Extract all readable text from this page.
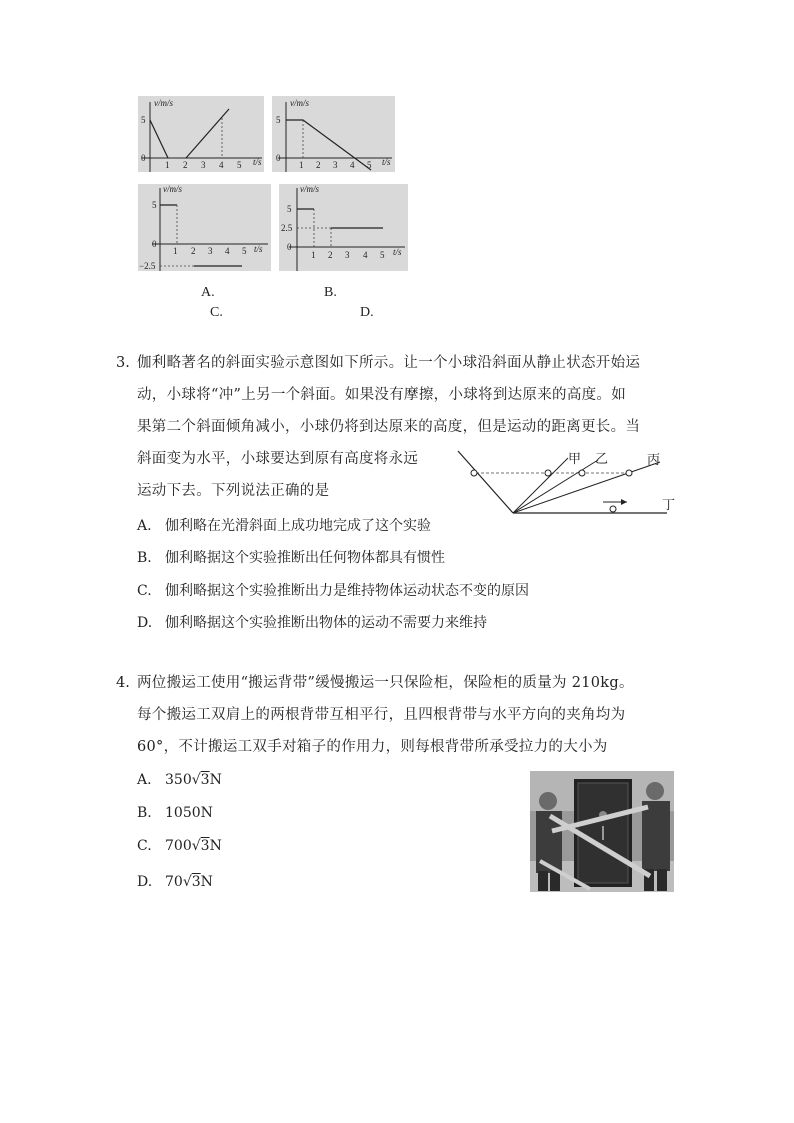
v/m/s
t/s
5
0
1 2 3 4 5
v/m/s
t/s
5
0
1 2 3 4 5
v/m/s
t/s
5
0
−2.5
1 2 3 4 5
v/m/s
t/s
5
2.5
0
1 2 3 4 5
A.	B.
C.	D.
3. 伽利略著名的斜面实验示意图如下所示。让一个小球沿斜面从静止状态开始运
动，小球将“冲”上另一个斜面。如果没有摩擦，小球将到达原来的高度。如
果第二个斜面倾角减小，小球仍将到达原来的高度，但是运动的距离更长。当
斜面变为水平，小球要达到原有高度将永远
运动下去。下列说法正确的是
甲 乙	丙
丁
A. 伽利略在光滑斜面上成功地完成了这个实验
B. 伽利略据这个实验推断出任何物体都具有惯性
C. 伽利略据这个实验推断出力是维持物体运动状态不变的原因
D. 伽利略据这个实验推断出物体的运动不需要力来维持
4. 两位搬运工使用“搬运背带”缓慢搬运一只保险柜，保险柜的质量为 210kg。
每个搬运工双肩上的两根背带互相平行，且四根背带与水平方向的夹角均为
60°，不计搬运工双手对箱子的作用力，则每根背带所承受拉力的大小为
A. 350√3N
B. 1050N
C. 700√3N
D. 70√3N
